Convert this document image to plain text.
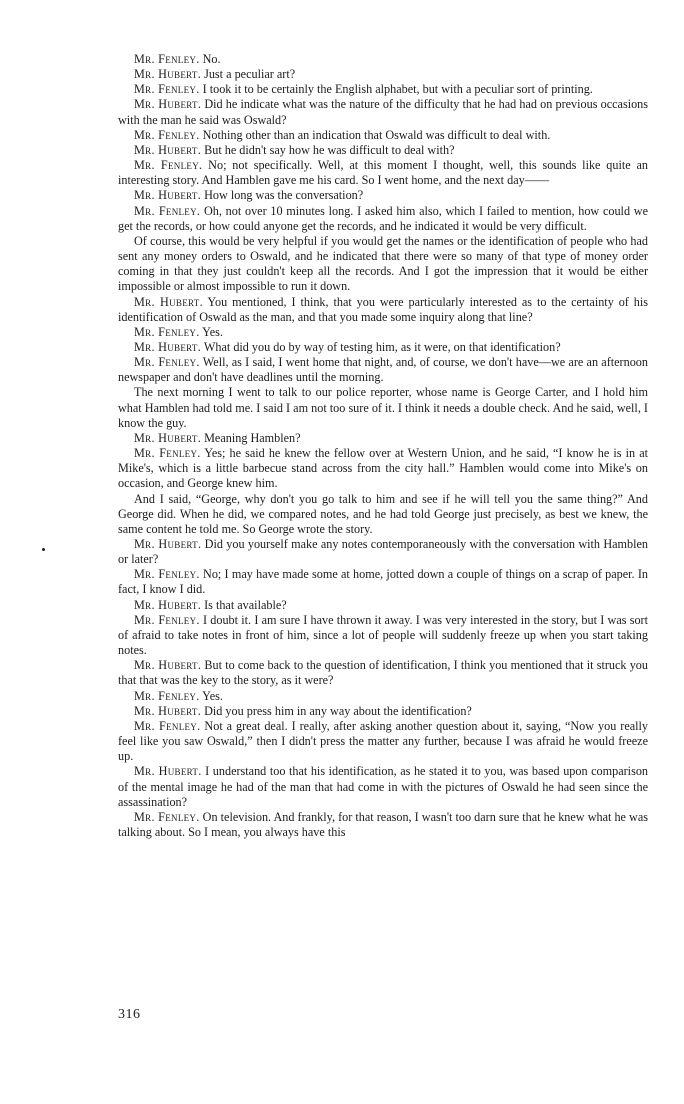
Mr. Fenley. No.

Mr. Hubert. Just a peculiar art?

Mr. Fenley. I took it to be certainly the English alphabet, but with a peculiar sort of printing.

Mr. Hubert. Did he indicate what was the nature of the difficulty that he had had on previous occasions with the man he said was Oswald?

Mr. Fenley. Nothing other than an indication that Oswald was difficult to deal with.

Mr. Hubert. But he didn't say how he was difficult to deal with?

Mr. Fenley. No; not specifically. Well, at this moment I thought, well, this sounds like quite an interesting story. And Hamblen gave me his card. So I went home, and the next day——

Mr. Hubert. How long was the conversation?

Mr. Fenley. Oh, not over 10 minutes long. I asked him also, which I failed to mention, how could we get the records, or how could anyone get the records, and he indicated it would be very difficult.

Of course, this would be very helpful if you would get the names or the identification of people who had sent any money orders to Oswald, and he indicated that there were so many of that type of money order coming in that they just couldn't keep all the records. And I got the impression that it would be either impossible or almost impossible to run it down.

Mr. Hubert. You mentioned, I think, that you were particularly interested as to the certainty of his identification of Oswald as the man, and that you made some inquiry along that line?

Mr. Fenley. Yes.

Mr. Hubert. What did you do by way of testing him, as it were, on that identification?

Mr. Fenley. Well, as I said, I went home that night, and, of course, we don't have—we are an afternoon newspaper and don't have deadlines until the morning.

The next morning I went to talk to our police reporter, whose name is George Carter, and I hold him what Hamblen had told me. I said I am not too sure of it. I think it needs a double check. And he said, well, I know the guy.

Mr. Hubert. Meaning Hamblen?

Mr. Fenley. Yes; he said he knew the fellow over at Western Union, and he said, “I know he is in at Mike's, which is a little barbecue stand across from the city hall.” Hamblen would come into Mike's on occasion, and George knew him.

And I said, “George, why don't you go talk to him and see if he will tell you the same thing?” And George did. When he did, we compared notes, and he had told George just precisely, as best we knew, the same content he told me. So George wrote the story.

Mr. Hubert. Did you yourself make any notes contemporaneously with the conversation with Hamblen or later?

Mr. Fenley. No; I may have made some at home, jotted down a couple of things on a scrap of paper. In fact, I know I did.

Mr. Hubert. Is that available?

Mr. Fenley. I doubt it. I am sure I have thrown it away. I was very interested in the story, but I was sort of afraid to take notes in front of him, since a lot of people will suddenly freeze up when you start taking notes.

Mr. Hubert. But to come back to the question of identification, I think you mentioned that it struck you that that was the key to the story, as it were?

Mr. Fenley. Yes.

Mr. Hubert. Did you press him in any way about the identification?

Mr. Fenley. Not a great deal. I really, after asking another question about it, saying, “Now you really feel like you saw Oswald,” then I didn't press the matter any further, because I was afraid he would freeze up.

Mr. Hubert. I understand too that his identification, as he stated it to you, was based upon comparison of the mental image he had of the man that had come in with the pictures of Oswald he had seen since the assassination?

Mr. Fenley. On television. And frankly, for that reason, I wasn't too darn sure that he knew what he was talking about. So I mean, you always have this

316
